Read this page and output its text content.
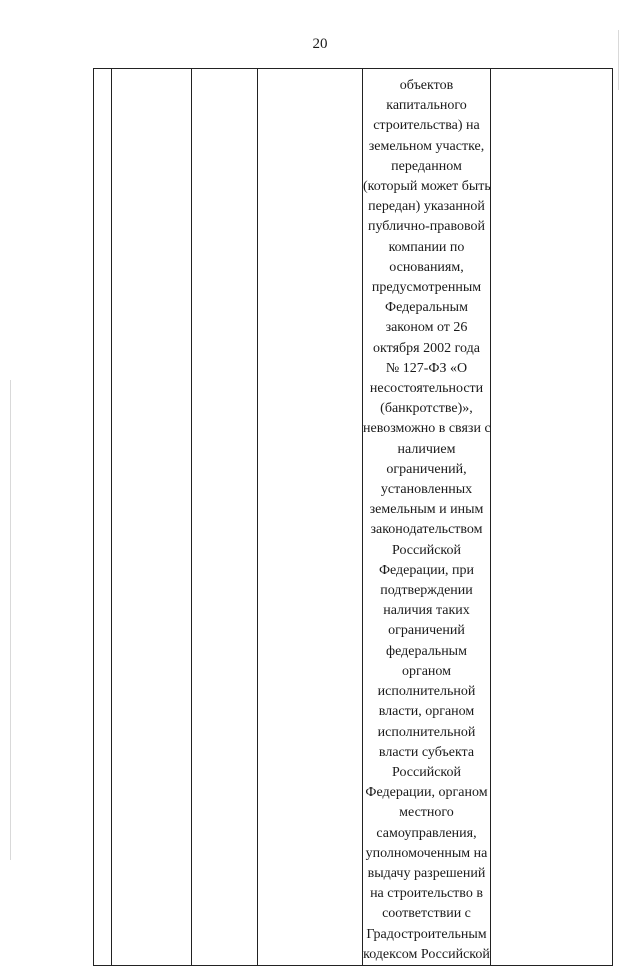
20

объектов
капитального
строительства) на
земельном участке,
переданном
(который может быть
передан) указанной
публично-правовой
компании по
основаниям,
предусмотренным
Федеральным
законом от 26
октября 2002 года
№ 127-ФЗ «О
несостоятельности
(банкротстве)»,
невозможно в связи с
наличием
ограничений,
установленных
земельным и иным
законодательством
Российской
Федерации, при
подтверждении
наличия таких
ограничений
федеральным
органом
исполнительной
власти, органом
исполнительной
власти субъекта
Российской
Федерации, органом
местного
самоуправления,
уполномоченным на
выдачу разрешений
на строительство в
соответствии с
Градостроительным
кодексом Российской
